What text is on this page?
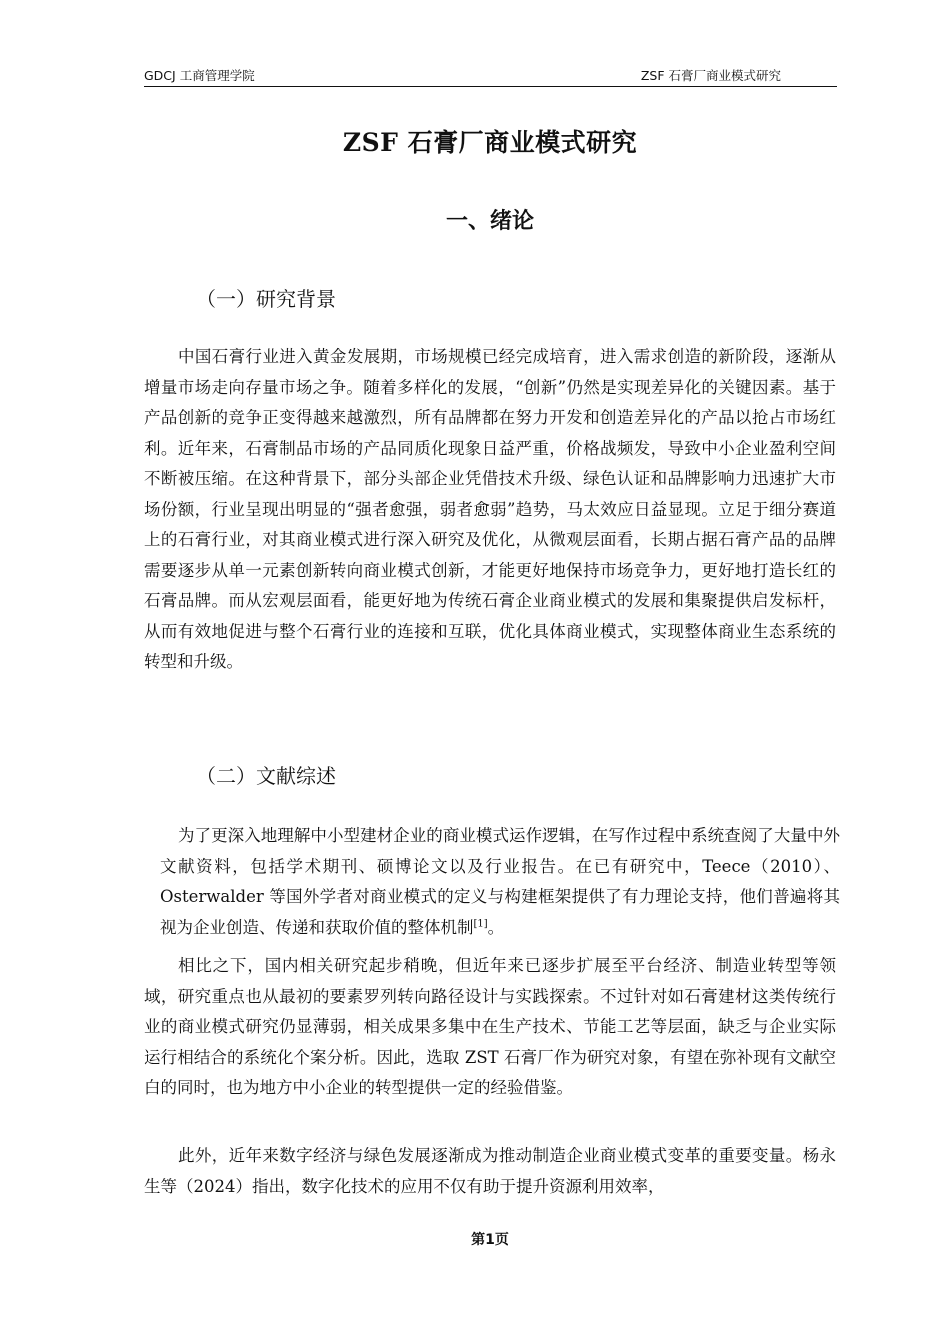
GDCJ 工商管理学院	ZSF 石膏厂商业模式研究
ZSF 石膏厂商业模式研究
一、绪论
（一）研究背景

中国石膏行业进入黄金发展期，市场规模已经完成培育，进入需求创造的新阶段，逐渐从增量市场走向存量市场之争。随着多样化的发展，“创新”仍然是实现差异化的关键因素。基于产品创新的竞争正变得越来越激烈，所有品牌都在努力开发和创造差异化的产品以抢占市场红利。近年来，石膏制品市场的产品同质化现象日益严重，价格战频发，导致中小企业盈利空间不断被压缩。在这种背景下，部分头部企业凭借技术升级、绿色认证和品牌影响力迅速扩大市场份额，行业呈现出明显的“强者愈强，弱者愈弱”趋势，马太效应日益显现。立足于细分赛道上的石膏行业，对其商业模式进行深入研究及优化，从微观层面看，长期占据石膏产品的品牌需要逐步从单一元素创新转向商业模式创新，才能更好地保持市场竞争力，更好地打造长红的石膏品牌。而从宏观层面看，能更好地为传统石膏企业商业模式的发展和集聚提供启发标杆，从而有效地促进与整个石膏行业的连接和互联，优化具体商业模式，实现整体商业生态系统的转型和升级。

（二）文献综述

为了更深入地理解中小型建材企业的商业模式运作逻辑，在写作过程中系统查阅了大量中外文献资料，包括学术期刊、硕博论文以及行业报告。在已有研究中，Teece（2010）、Osterwalder 等国外学者对商业模式的定义与构建框架提供了有力理论支持，他们普遍将其视为企业创造、传递和获取价值的整体机制[1]。

相比之下，国内相关研究起步稍晚，但近年来已逐步扩展至平台经济、制造业转型等领域，研究重点也从最初的要素罗列转向路径设计与实践探索。不过针对如石膏建材这类传统行业的商业模式研究仍显薄弱，相关成果多集中在生产技术、节能工艺等层面，缺乏与企业实际运行相结合的系统化个案分析。因此，选取 ZST 石膏厂作为研究对象，有望在弥补现有文献空白的同时，也为地方中小企业的转型提供一定的经验借鉴。

此外，近年来数字经济与绿色发展逐渐成为推动制造企业商业模式变革的重要变量。杨永生等（2024）指出，数字化技术的应用不仅有助于提升资源利用效率，

第1页
